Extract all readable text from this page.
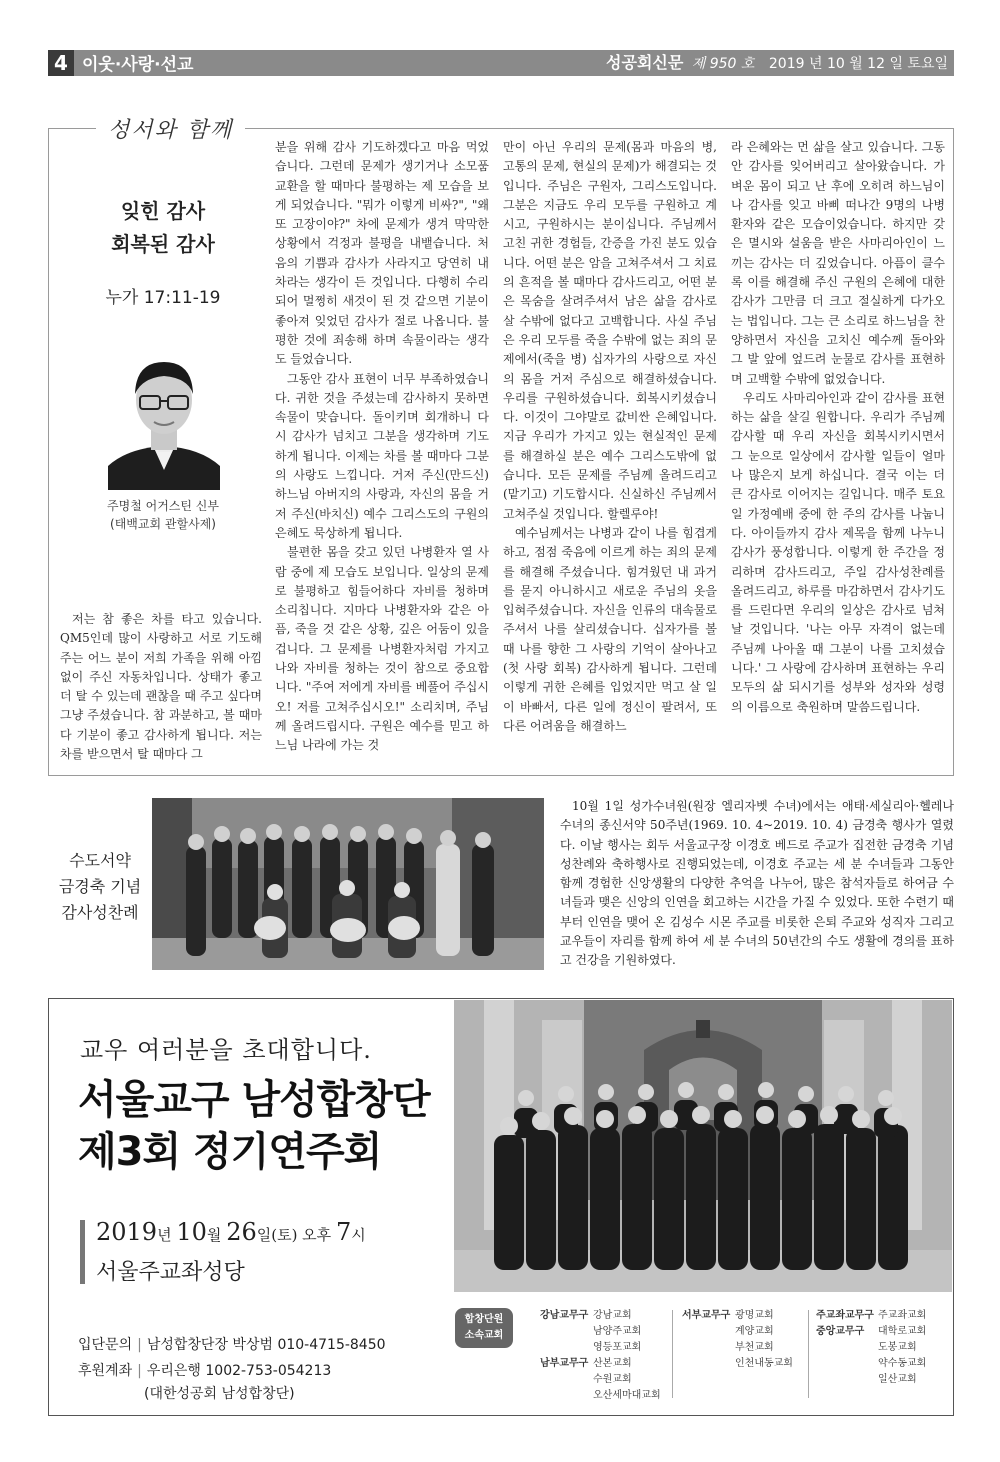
4 이웃·사랑·선교	성공회신문 제 950 호 2019 년 10 월 12 일 토요일
성서와 함께
잊힌 감사
회복된 감사
누가 17:11-19
주명철 어거스틴 신부
(태백교회 관할사제)

저는 참 좋은 차를 타고 있습니다. QM5인데 많이 사랑하고 서로 기도해 주는 어느 분이 저희 가족을 위해 아낌없이 주신 자동차입니다. 상태가 좋고 더 탈 수 있는데 괜찮을 때 주고 싶다며 그냥 주셨습니다. 참 과분하고, 볼 때마다 기분이 좋고 감사하게 됩니다. 저는 차를 받으면서 탈 때마다 그

분을 위해 감사 기도하겠다고 마음 먹었습니다. 그런데 문제가 생기거나 소모품 교환을 할 때마다 불평하는 제 모습을 보게 되었습니다. "뭐가 이렇게 비싸?", "왜 또 고장이야?" 차에 문제가 생겨 막막한 상황에서 걱정과 불평을 내뱉습니다. 처음의 기쁨과 감사가 사라지고 당연히 내 차라는 생각이 든 것입니다. 다행히 수리되어 멀쩡히 새것이 된 것 같으면 기분이 좋아져 잊었던 감사가 절로 나옵니다. 불평한 것에 죄송해 하며 속물이라는 생각도 들었습니다.

그동안 감사 표현이 너무 부족하였습니다. 귀한 것을 주셨는데 감사하지 못하면 속물이 맞습니다. 돌이키며 회개하니 다시 감사가 넘치고 그분을 생각하며 기도하게 됩니다. 이제는 차를 볼 때마다 그분의 사랑도 느낍니다. 거저 주신(만드신) 하느님 아버지의 사랑과, 자신의 몸을 거저 주신(바치신) 예수 그리스도의 구원의 은혜도 묵상하게 됩니다.

불편한 몸을 갖고 있던 나병환자 열 사람 중에 제 모습도 보입니다. 일상의 문제로 불평하고 힘들어하다 자비를 청하며 소리칩니다. 지마다 나병환자와 같은 아픔, 죽을 것 같은 상황, 깊은 어둠이 있을 겁니다. 그 문제를 나병환자처럼 가지고 나와 자비를 청하는 것이 참으로 중요합니다. "주여 저에게 자비를 베풀어 주십시오! 저를 고쳐주십시오!" 소리치며, 주님께 올려드립시다. 구원은 예수를 믿고 하느님 나라에 가는 것

만이 아닌 우리의 문제(몸과 마음의 병, 고통의 문제, 현실의 문제)가 해결되는 것입니다. 주님은 구원자, 그리스도입니다. 그분은 지금도 우리 모두를 구원하고 계시고, 구원하시는 분이십니다. 주님께서 고친 귀한 경험들, 간증을 가진 분도 있습니다. 어떤 분은 암을 고쳐주셔서 그 치료의 흔적을 볼 때마다 감사드리고, 어떤 분은 목숨을 살려주셔서 남은 삶을 감사로 살 수밖에 없다고 고백합니다. 사실 주님은 우리 모두를 죽을 수밖에 없는 죄의 문제에서(죽을 병) 십자가의 사랑으로 자신의 몸을 거저 주심으로 해결하셨습니다. 우리를 구원하셨습니다. 회복시키셨습니다. 이것이 그야말로 값비싼 은혜입니다. 지금 우리가 가지고 있는 현실적인 문제를 해결하실 분은 예수 그리스도밖에 없습니다. 모든 문제를 주님께 올려드리고(맡기고) 기도합시다. 신실하신 주님께서 고쳐주실 것입니다. 할렐루야!

예수님께서는 나병과 같이 나를 힘겹게 하고, 점점 죽음에 이르게 하는 죄의 문제를 해결해 주셨습니다. 힘겨웠던 내 과거를 묻지 아니하시고 새로운 주님의 옷을 입혀주셨습니다. 자신을 인류의 대속물로 주셔서 나를 살리셨습니다. 십자가를 볼 때 나를 향한 그 사랑의 기억이 살아나고(첫 사랑 회복) 감사하게 됩니다. 그런데 이렇게 귀한 은혜를 입었지만 먹고 살 일이 바빠서, 다른 일에 정신이 팔려서, 또 다른 어려움을 해결하느

라 은혜와는 먼 삶을 살고 있습니다. 그동안 감사를 잊어버리고 살아왔습니다. 가벼운 몸이 되고 난 후에 오히려 하느님이나 감사를 잊고 바삐 떠나간 9명의 나병환자와 같은 모습이었습니다. 하지만 갖은 멸시와 설움을 받은 사마리아인이 느끼는 감사는 더 깊었습니다. 아픔이 클수록 이를 해결해 주신 구원의 은혜에 대한 감사가 그만큼 더 크고 절실하게 다가오는 법입니다. 그는 큰 소리로 하느님을 찬양하면서 자신을 고치신 예수께 돌아와 그 발 앞에 엎드려 눈물로 감사를 표현하며 고백할 수밖에 없었습니다.

우리도 사마리아인과 같이 감사를 표현하는 삶을 살길 원합니다. 우리가 주님께 감사할 때 우리 자신을 회복시키시면서 그 눈으로 일상에서 감사할 일들이 얼마나 많은지 보게 하십니다. 결국 이는 더 큰 감사로 이어지는 길입니다. 매주 토요일 가정예배 중에 한 주의 감사를 나눕니다. 아이들까지 감사 제목을 함께 나누니 감사가 풍성합니다. 이렇게 한 주간을 정리하며 감사드리고, 주일 감사성찬례를 올려드리고, 하루를 마감하면서 감사기도를 드린다면 우리의 일상은 감사로 넘쳐날 것입니다. '나는 아무 자격이 없는데 주님께 나아올 때 그분이 나를 고치셨습니다.' 그 사랑에 감사하며 표현하는 우리 모두의 삶 되시기를 성부와 성자와 성령의 이름으로 축원하며 말씀드립니다.

수도서약
금경축 기념
감사성찬례

10월 1일 성가수녀원(원장 엘리자벳 수녀)에서는 애태·세실리아·헬레나 수녀의 종신서약 50주년(1969. 10. 4~2019. 10. 4) 금경축 행사가 열렸다. 이날 행사는 회두 서울교구장 이경호 베드로 주교가 집전한 금경축 기념 성찬례와 축하행사로 진행되었는데, 이경호 주교는 세 분 수녀들과 그동안 함께 경험한 신앙생활의 다양한 추억을 나누어, 많은 참석자들로 하여금 수녀들과 맺은 신앙의 인연을 회고하는 시간을 가질 수 있었다. 또한 수련기 때부터 인연을 맺어 온 김성수 시몬 주교를 비롯한 은퇴 주교와 성직자 그리고 교우들이 자리를 함께 하여 세 분 수녀의 50년간의 수도 생활에 경의를 표하고 건강을 기원하였다.

교우 여러분을 초대합니다.
서울교구 남성합창단
제3회 정기연주회
2019년 10월 26일(토) 오후 7시
서울주교좌성당
입단문의 | 남성합창단장 박상범 010-4715-8450
후원계좌 | 우리은행 1002-753-054213
(대한성공회 남성합창단)
합창단원
소속교회
강남교무구 강남교회
남양주교회
영등포교회
남부교무구 산본교회
수원교회
오산세마대교회
서부교무구 광명교회
계양교회
부천교회
인천내동교회
주교좌교무구 주교좌교회
중앙교무구	대학로교회
도봉교회
약수동교회
일산교회
